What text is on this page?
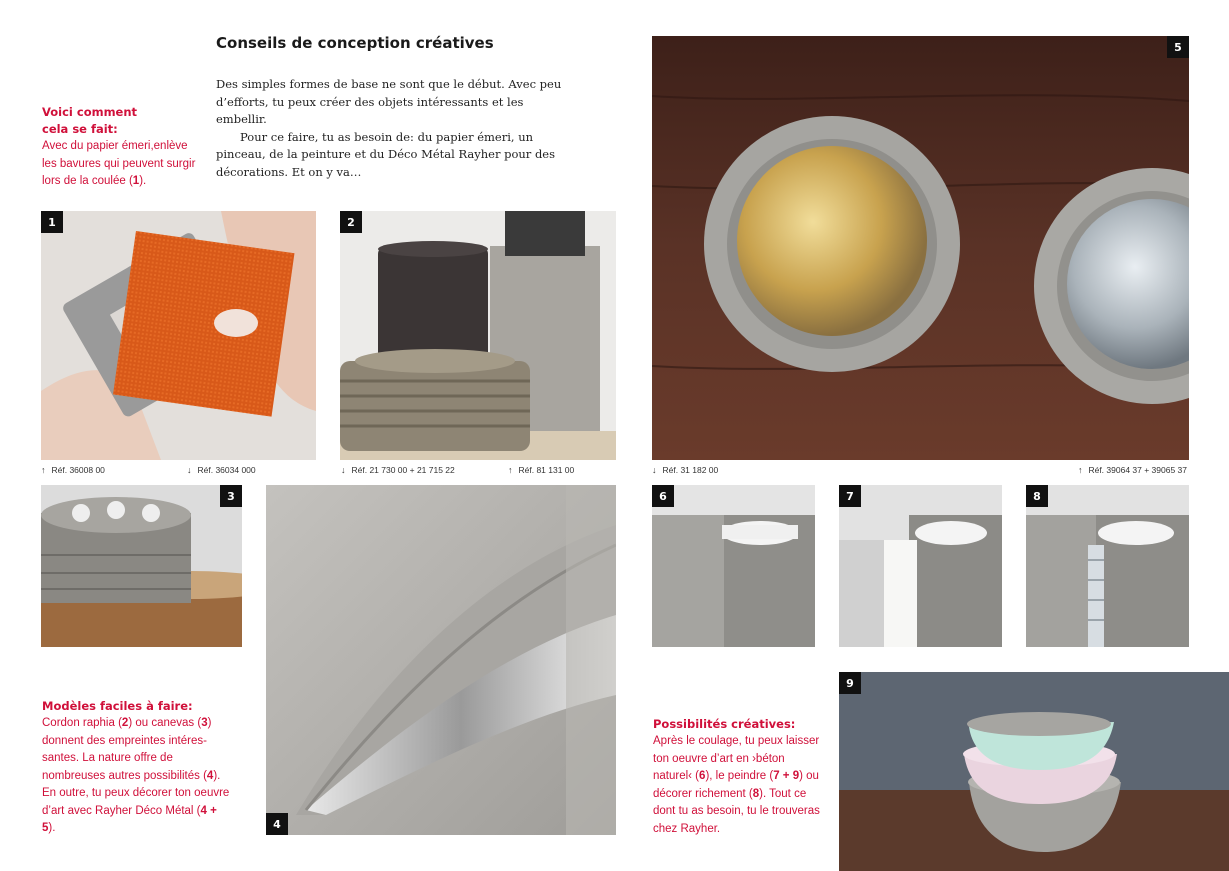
Conseils de conception créatives

Des simples formes de base ne sont que le début. Avec peu d’efforts, tu peux créer des objets intéressants et les embellir.

Pour ce faire, tu as besoin de: du papier émeri, un pinceau, de la peinture et du Déco Métal Rayher pour des décorations. Et on y va…

Voici comment
cela se fait:
Avec du papier émeri,enlève les bavures qui peuvent surgir lors de la coulée (1).
1	2
↑ Réf. 36008 00	↓ Réf. 36034 000	↓ Réf. 21 730 00 + 21 715 22	↑ Réf. 81 131 00
3
4
5
↓ Réf. 31 182 00	↑ Réf. 39064 37 + 39065 37
6	7	8
9
Modèles faciles à faire:
Cordon raphia (2) ou canevas (3) donnent des empreintes intéres-santes. La nature offre de nombreuses autres possibilités (4). En outre, tu peux décorer ton oeuvre d’art avec Rayher Déco Métal (4 + 5).
Possibilités créatives:
Après le coulage, tu peux laisser ton oeuvre d’art en ›béton naturel‹ (6), le peindre (7 + 9) ou décorer richement (8). Tout ce dont tu as besoin, tu le trouveras chez Rayher.
